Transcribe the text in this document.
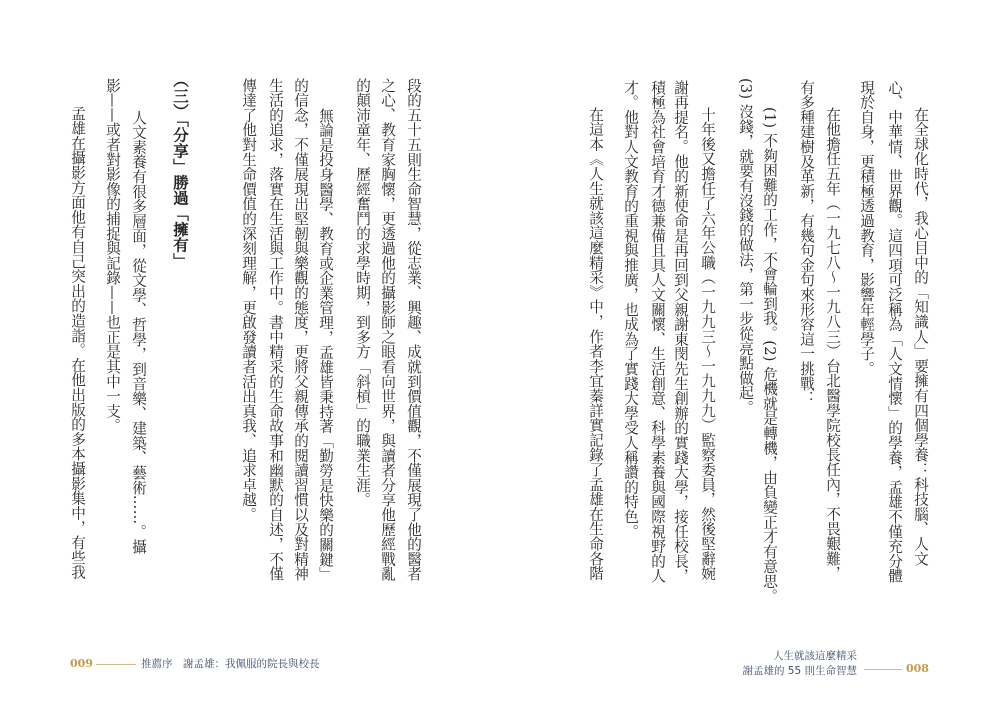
段的五十五則生命智慧，從志業、興趣、成就到價值觀，不僅展現了他的醫者
之心、教育家胸懷，更透過他的攝影師之眼看向世界，與讀者分享他歷經戰亂
的顛沛童年、歷經奮鬥的求學時期，到多方「斜槓」的職業生涯。
無論是投身醫學、教育或企業管理，孟雄皆秉持著「勤勞是快樂的關鍵」
的信念，不僅展現出堅韌與樂觀的態度，更將父親傳承的閱讀習慣以及對精神
生活的追求，落實在生活與工作中。書中精采的生命故事和幽默的自述，不僅
傳達了他對生命價值的深刻理解，更啟發讀者活出真我、追求卓越。
（三）「分享」勝過「擁有」
人文素養有很多層面，從文學、哲學，到音樂、建築、藝術……。攝
影——或者對影像的捕捉與記錄——也正是其中一支。
孟雄在攝影方面他有自己突出的造詣。在他出版的多本攝影集中，有些我
009	推薦序　謝孟雄：我佩服的院長與校長
在全球化時代，我心目中的「知識人」要擁有四個學養：科技腦、人文
心、中華情、世界觀。這四項可泛稱為「人文情懷」的學養，孟雄不僅充分體
現於自身，更積極透過教育，影響年輕學子。
在他擔任五年（一九七八～一九八三）台北醫學院校長任內，不畏艱難，
有多種建樹及革新，有幾句金句來形容這一挑戰：
(1) 不夠困難的工作，不會輪到我。(2) 危機就是轉機，由負變正才有意思。
(3) 沒錢，就要有沒錢的做法，第一步從亮點做起。
十年後又擔任了六年公職（一九九三～一九九九）監察委員，然後堅辭婉
謝再提名。他的新使命是再回到父親謝東閔先生創辦的實踐大學，接任校長，
積極為社會培育才德兼備且具人文關懷、生活創意、科學素養與國際視野的人
才。他對人文教育的重視與推廣，也成為了實踐大學受人稱讚的特色。
在這本《人生就該這麼精采》中，作者李宜蓁詳實記錄了孟雄在生命各階
人生就該這麼精采
謝孟雄的 55 則生命智慧	008
